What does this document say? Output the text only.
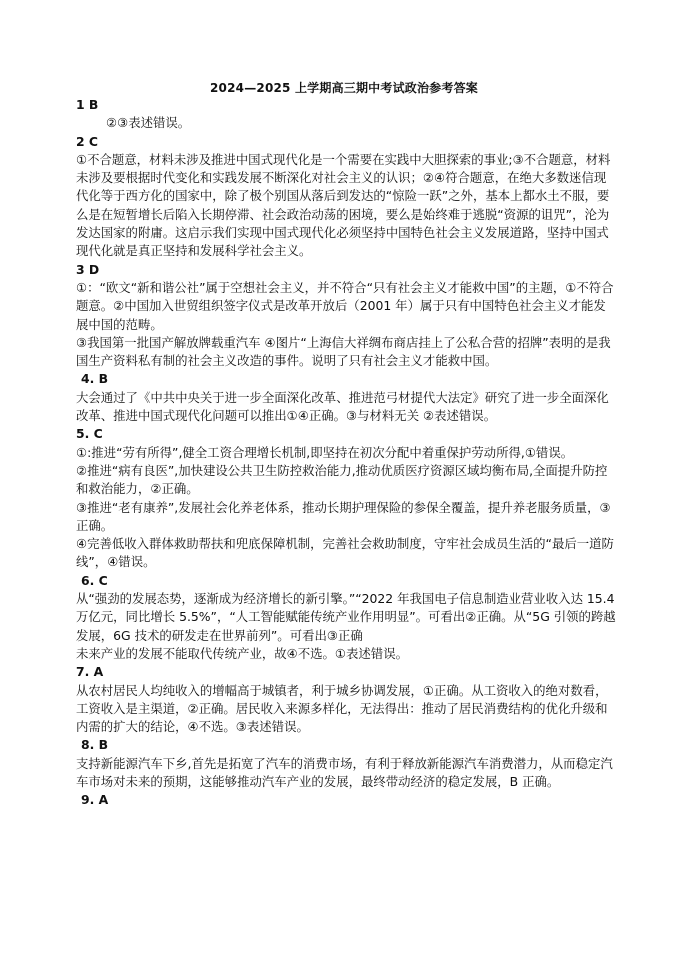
2024—2025 上学期高三期中考试政治参考答案
1 B
②③表述错误。
2 C
①不合题意，材料未涉及推进中国式现代化是一个需要在实践中大胆探索的事业;③不合题意，材料未涉及要根据时代变化和实践发展不断深化对社会主义的认识；②④符合题意，在绝大多数迷信现代化等于西方化的国家中，除了极个别国从落后到发达的“惊险一跃”之外，基本上都水土不服，要么是在短暂增长后陷入长期停滞、社会政治动荡的困境，要么是始终难于逃脱“资源的诅咒”，沦为发达国家的附庸。这启示我们实现中国式现代化必须坚持中国特色社会主义发展道路，坚持中国式现代化就是真正坚持和发展科学社会主义。
3 D
①：“欧文“新和谐公社”属于空想社会主义，并不符合“只有社会主义才能救中国”的主题，①不符合题意。②中国加入世贸组织签字仪式是改革开放后（2001 年）属于只有中国特色社会主义才能发展中国的范畴。
③我国第一批国产解放牌载重汽车 ④图片“上海信大祥绸布商店挂上了公私合营的招牌”表明的是我国生产资料私有制的社会主义改造的事件。说明了只有社会主义才能救中国。
4. B
大会通过了《中共中央关于进一步全面深化改革、推进范弓材提代大法定》研究了进一步全面深化改革、推进中国式现代化问题可以推出①④正确。③与材料无关 ②表述错误。
5. C
①:推进“劳有所得”,健全工资合理增长机制,即坚持在初次分配中着重保护劳动所得,①错误。
②推进“病有良医”,加快建设公共卫生防控救治能力,推动优质医疗资源区域均衡布局,全面提升防控和救治能力，②正确。
③推进“老有康养”,发展社会化养老体系，推动长期护理保险的参保全覆盖，提升养老服务质量，③正确。
④完善低收入群体救助帮扶和兜底保障机制，完善社会救助制度，守牢社会成员生活的“最后一道防线”，④错误。
6. C
从“强劲的发展态势，逐渐成为经济增长的新引擎。”“2022 年我国电子信息制造业营业收入达 15.4 万亿元，同比增长 5.5%”，“人工智能赋能传统产业作用明显”。可看出②正确。从“5G 引领的跨越发展，6G 技术的研发走在世界前列”。可看出③正确
未来产业的发展不能取代传统产业，故④不选。①表述错误。
7. A
从农村居民人均纯收入的增幅高于城镇者，利于城乡协调发展，①正确。从工资收入的绝对数看，工资收入是主渠道，②正确。居民收入来源多样化，无法得出：推动了居民消费结构的优化升级和内需的扩大的结论，④不选。③表述错误。
8. B
支持新能源汽车下乡,首先是拓宽了汽车的消费市场，有利于释放新能源汽车消费潜力，从而稳定汽车市场对未来的预期，这能够推动汽车产业的发展，最终带动经济的稳定发展，B 正确。
9. A
